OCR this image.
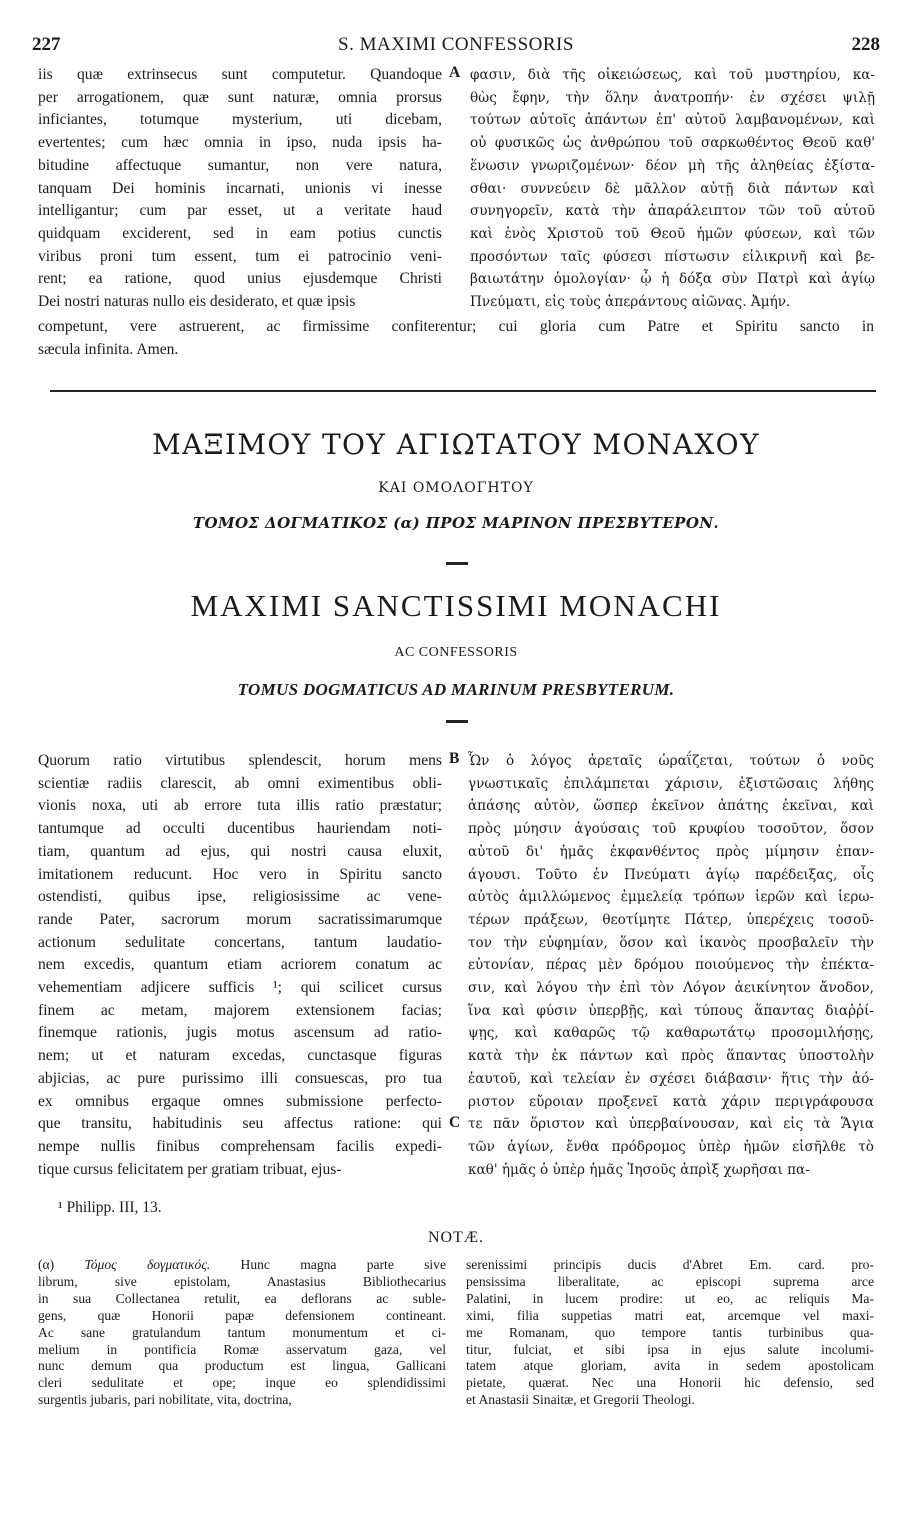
227	S. MAXIMI CONFESSORIS	228
iis quæ extrinsecus sunt computetur. Quandoque
per arrogationem, quæ sunt naturæ, omnia prorsus
inficiantes, totumque mysterium, uti dicebam,
evertentes; cum hæc omnia in ipso, nuda ipsis ha-
bitudine affectuque sumantur, non vere natura,
tanquam Dei hominis incarnati, unionis vi inesse
intelligantur; cum par esset, ut a veritate haud
quidquam exciderent, sed in eam potius cunctis
viribus proni tum essent, tum ei patrocinio veni-
rent; ea ratione, quod unius ejusdemque Christi
Dei nostri naturas nullo eis desiderato, et quæ ipsis
A φασιν, διὰ τῆς οἰκειώσεως, καὶ τοῦ μυστηρίου, κα-
θὼς ἔφην, τὴν ὅλην ἀνατροπήν· ἐν σχέσει ψιλῇ
τούτων αὐτοῖς ἁπάντων ἐπ' αὐτοῦ λαμβανομένων, καὶ
οὐ φυσικῶς ὡς ἀνθρώπου τοῦ σαρκωθέντος Θεοῦ καθ'
ἕνωσιν γνωριζομένων· δέον μὴ τῆς ἀληθείας ἐξίστα-
σθαι· συννεύειν δὲ μᾶλλον αὐτῇ διὰ πάντων καὶ
συνηγορεῖν, κατὰ τὴν ἀπαράλειπτον τῶν τοῦ αὐτοῦ
καὶ ἑνὸς Χριστοῦ τοῦ Θεοῦ ἡμῶν φύσεων, καὶ τῶν
προσόντων ταῖς φύσεσι πίστωσιν εἰλικρινῆ καὶ βε-
βαιωτάτην ὁμολογίαν· ᾧ ἡ δόξα σὺν Πατρὶ καὶ ἁγίῳ
Πνεύματι, εἰς τοὺς ἀπεράντους αἰῶνας. Ἀμήν.
competunt, vere astruerent, ac firmissime confiterentur; cui gloria cum Patre et Spiritu sancto in
sæcula infinita. Amen.
ΜΑΞΙΜΟΥ ΤΟΥ ΑΓΙΩΤΑΤΟΥ ΜΟΝΑΧΟΥ
ΚΑΙ ΟΜΟΛΟΓΗΤΟΥ
ΤΟΜΟΣ ΔΟΓΜΑΤΙΚΟΣ (α) ΠΡΟΣ ΜΑΡΙΝΟΝ ΠΡΕΣΒΥΤΕΡΟΝ.
MAXIMI SANCTISSIMI MONACHI
AC CONFESSORIS
TOMUS DOGMATICUS AD MARINUM PRESBYTERUM.
Quorum ratio virtutibus splendescit, horum mens
scientiæ radiis clarescit, ab omni eximentibus obli-
vionis noxa, uti ab errore tuta illis ratio præstatur;
tantumque ad occulti ducentibus hauriendam noti-
tiam, quantum ad ejus, qui nostri causa eluxit,
imitationem reducunt. Hoc vero in Spiritu sancto
ostendisti, quibus ipse, religiosissime ac vene-
rande Pater, sacrorum morum sacratissimarumque
actionum sedulitate concertans, tantum laudatio-
nem excedis, quantum etiam acriorem conatum ac
vehementiam adjicere sufficis ¹; qui scilicet cursus
finem ac metam, majorem extensionem facias;
finemque rationis, jugis motus ascensum ad ratio-
nem; ut et naturam excedas, cunctasque figuras
abjicias, ac pure purissimo illi consuescas, pro tua
ex omnibus ergaque omnes submissione perfecto-
que transitu, habitudinis seu affectus ratione: qui
nempe nullis finibus comprehensam facilis expedi-
tique cursus felicitatem per gratiam tribuat, ejus-
B
C
Ὧν ὁ λόγος ἀρεταῖς ὡραΐζεται, τούτων ὁ νοῦς
γνωστικαῖς ἐπιλάμπεται χάρισιν, ἐξιστῶσαις λήθης
ἁπάσης αὐτὸν, ὥσπερ ἐκεῖνον ἀπάτης ἐκεῖναι, καὶ
πρὸς μύησιν ἀγούσαις τοῦ κρυφίου τοσοῦτον, ὅσον
αὐτοῦ δι' ἡμᾶς ἐκφανθέντος πρὸς μίμησιν ἐπαν-
άγουσι. Τοῦτο ἐν Πνεύματι ἁγίῳ παρέδειξας, οἷς
αὐτὸς ἁμιλλώμενος ἐμμελείᾳ τρόπων ἱερῶν καὶ ἱερω-
τέρων πράξεων, θεοτίμητε Πάτερ, ὑπερέχεις τοσοῦ-
τον τὴν εὐφημίαν, ὅσον καὶ ἱκανὸς προσβαλεῖν τὴν
εὐτονίαν, πέρας μὲν δρόμου ποιούμενος τὴν ἐπέκτα-
σιν, καὶ λόγου τὴν ἐπὶ τὸν Λόγον ἀεικίνητον ἄνοδον,
ἵνα καὶ φύσιν ὑπερβῇς, καὶ τύπους ἅπαντας διαῤῥί-
ψῃς, καὶ καθαρῶς τῷ καθαρωτάτῳ προσομιλήσῃς,
κατὰ τὴν ἐκ πάντων καὶ πρὸς ἅπαντας ὑποστολὴν
ἑαυτοῦ, καὶ τελείαν ἐν σχέσει διάβασιν· ἥτις τὴν ἀό-
ριστον εὔροιαν προξενεῖ κατὰ χάριν περιγράφουσα
τε πᾶν ὅριστον καὶ ὑπερβαίνουσαν, καὶ εἰς τὰ Ἅγια
τῶν ἁγίων, ἔνθα πρόδρομος ὑπὲρ ἡμῶν εἰσῆλθε τὸ
καθ' ἡμᾶς ὁ ὑπὲρ ἡμᾶς Ἰησοῦς ἀπρὶξ χωρῆσαι πα-
¹ Philipp. III, 13.
NOTÆ.
(α) Τόμος δογματικός. Hunc magna parte sive
librum, sive epistolam, Anastasius Bibliothecarius
in sua Collectanea retulit, ea deflorans ac suble-
gens, quæ Honorii papæ defensionem contineant.
Ac sane gratulandum tantum monumentum et ci-
melium in pontificia Romæ asservatum gaza, vel
nunc demum qua productum est lingua, Gallicani
cleri sedulitate et ope; inque eo splendidissimi
surgentis jubaris, pari nobilitate, vita, doctrina,
serenissimi principis ducis d'Abret Em. card. pro-
pensissima liberalitate, ac episcopi suprema arce
Palatini, in lucem prodire: ut eo, ac reliquis Ma-
ximi, filia suppetias matri eat, arcemque vel maxi-
me Romanam, quo tempore tantis turbinibus qua-
titur, fulciat, et sibi ipsa in ejus salute incolumi-
tatem atque gloriam, avita in sedem apostolicam
pietate, quærat. Nec una Honorii hic defensio, sed
et Anastasii Sinaitæ, et Gregorii Theologi.
